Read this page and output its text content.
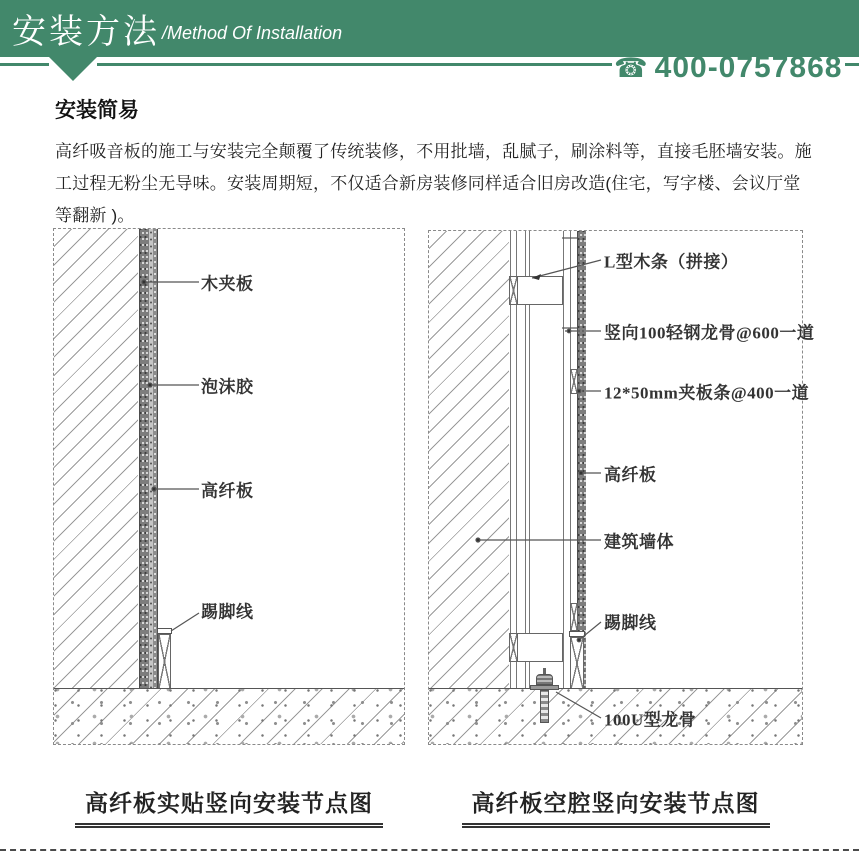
安装方法 /Method Of Installation
☎ 400-0757868
安装简易

高纤吸音板的施工与安装完全颠覆了传统装修，不用批墙，乱腻子，刷涂料等，直接毛胚墙安装。施工过程无粉尘无导味。安装周期短，不仅适合新房装修同样适合旧房改造(住宅，写字楼、会议厅堂等翻新 )。

木夹板
泡沫胶
高纤板
踢脚线
L型木条（拼接）
竖向100轻钢龙骨@600一道
12*50mm夹板条@400一道
高纤板
建筑墙体
踢脚线
100U型龙骨
高纤板实贴竖向安装节点图	高纤板空腔竖向安装节点图
